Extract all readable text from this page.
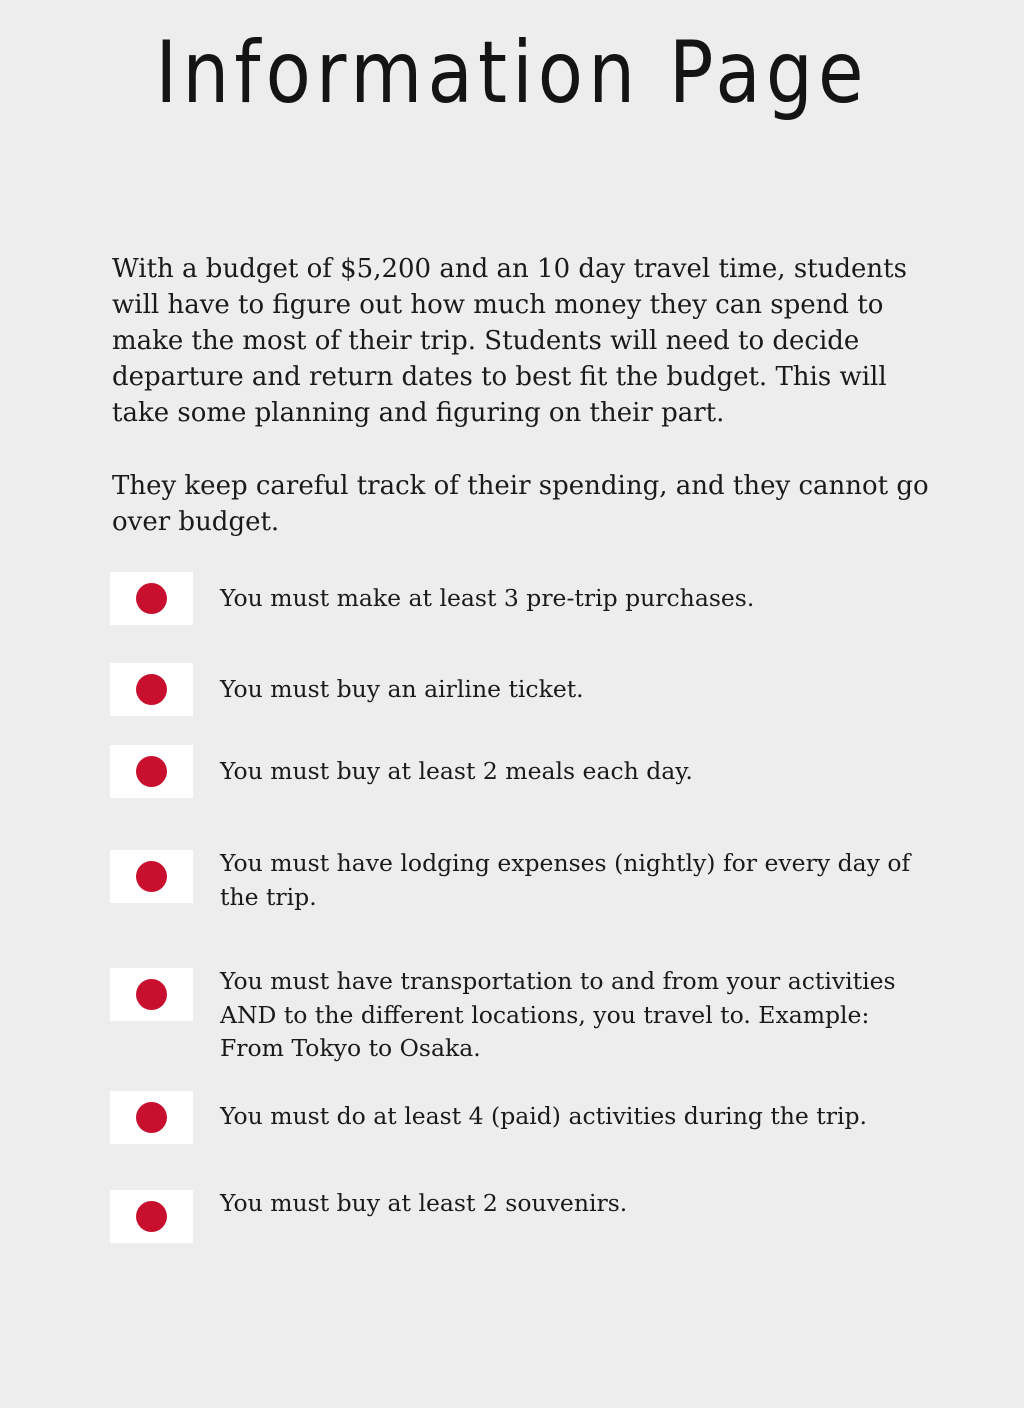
Information Page

With a budget of $5,200 and an 10 day travel time, students will have to figure out how much money they can spend to make the most of their trip. Students will need to decide departure and return dates to best fit the budget. This will take some planning and figuring on their part.

They keep careful track of their spending, and they cannot go over budget.

You must make at least 3 pre-trip purchases.
You must buy an airline ticket.
You must buy at least 2 meals each day.
You must have lodging expenses (nightly) for every day of the trip.
You must have transportation to and from your activities AND to the different locations, you travel to. Example: From Tokyo to Osaka.
You must do at least 4 (paid) activities during the trip.
You must buy at least 2 souvenirs.
